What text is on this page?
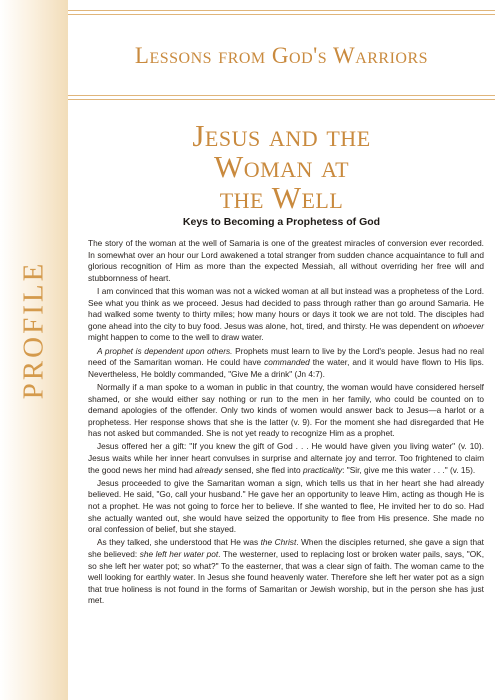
PROFILE
Lessons from God's Warriors
Jesus and the
Woman at
the Well
Keys to Becoming a Prophetess of God

The story of the woman at the well of Samaria is one of the greatest miracles of conversion ever recorded. In somewhat over an hour our Lord awakened a total stranger from sudden chance acquaintance to full and glorious recognition of Him as more than the expected Messiah, all without overriding her free will and stubbornness of heart.

I am convinced that this woman was not a wicked woman at all but instead was a prophetess of the Lord. See what you think as we proceed. Jesus had decided to pass through rather than go around Samaria. He had walked some twenty to thirty miles; how many hours or days it took we are not told. The disciples had gone ahead into the city to buy food. Jesus was alone, hot, tired, and thirsty. He was dependent on whoever might happen to come to the well to draw water.

A prophet is dependent upon others. Prophets must learn to live by the Lord's people. Jesus had no real need of the Samaritan woman. He could have commanded the water, and it would have flown to His lips. Nevertheless, He boldly commanded, "Give Me a drink" (Jn 4:7).

Normally if a man spoke to a woman in public in that country, the woman would have considered herself shamed, or she would either say nothing or run to the men in her family, who could be counted on to demand apologies of the offender. Only two kinds of women would answer back to Jesus—a harlot or a prophetess. Her response shows that she is the latter (v. 9). For the moment she had disregarded that He has not asked but commanded. She is not yet ready to recognize Him as a prophet.

Jesus offered her a gift: "If you knew the gift of God . . . He would have given you living water" (v. 10). Jesus waits while her inner heart convulses in surprise and alternate joy and terror. Too frightened to claim the good news her mind had already sensed, she fled into practicality: "Sir, give me this water . . ." (v. 15).

Jesus proceeded to give the Samaritan woman a sign, which tells us that in her heart she had already believed. He said, "Go, call your husband." He gave her an opportunity to leave Him, acting as though He is not a prophet. He was not going to force her to believe. If she wanted to flee, He invited her to do so. Had she actually wanted out, she would have seized the opportunity to flee from His presence. She made no oral confession of belief, but she stayed.

As they talked, she understood that He was the Christ. When the disciples returned, she gave a sign that she believed: she left her water pot. The westerner, used to replacing lost or broken water pails, says, "OK, so she left her water pot; so what?" To the easterner, that was a clear sign of faith. The woman came to the well looking for earthly water. In Jesus she found heavenly water. Therefore she left her water pot as a sign that true holiness is not found in the forms of Samaritan or Jewish worship, but in the person she has just met.
